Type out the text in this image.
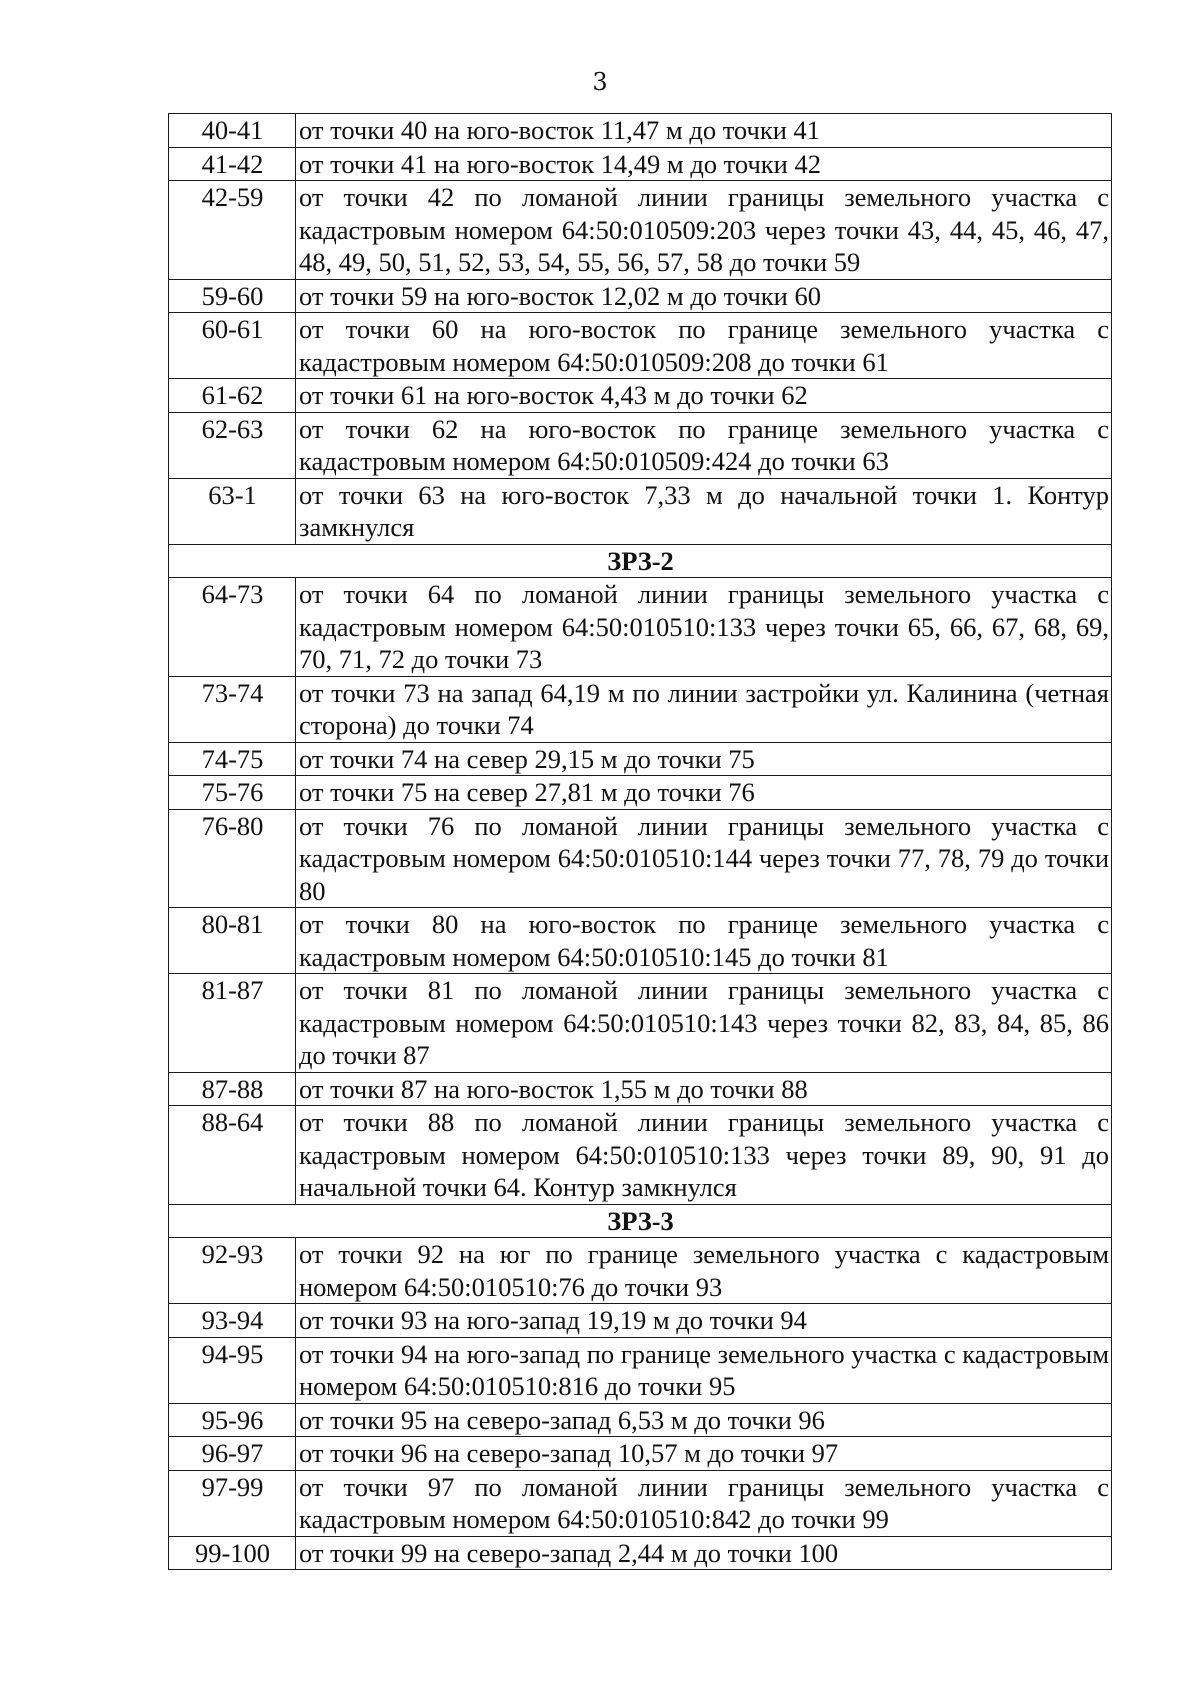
3
40-41	от точки 40 на юго-восток 11,47 м до точки 41
41-42	от точки 41 на юго-восток 14,49 м до точки 42
42-59	от точки 42 по ломаной линии границы земельного участка с кадастровым номером 64:50:010509:203 через точки 43, 44, 45, 46, 47, 48, 49, 50, 51, 52, 53, 54, 55, 56, 57, 58 до точки 59
59-60	от точки 59 на юго-восток 12,02 м до точки 60
60-61	от точки 60 на юго-восток по границе земельного участка с кадастровым номером 64:50:010509:208 до точки 61
61-62	от точки 61 на юго-восток 4,43 м до точки 62
62-63	от точки 62 на юго-восток по границе земельного участка с кадастровым номером 64:50:010509:424 до точки 63
63-1	от точки 63 на юго-восток 7,33 м до начальной точки 1. Контур замкнулся
ЗРЗ-2	
64-73	от точки 64 по ломаной линии границы земельного участка с кадастровым номером 64:50:010510:133 через точки 65, 66, 67, 68, 69, 70, 71, 72 до точки 73
73-74	от точки 73 на запад 64,19 м по линии застройки ул. Калинина (четная сторона) до точки 74
74-75	от точки 74 на север 29,15 м до точки 75
75-76	от точки 75 на север 27,81 м до точки 76
76-80	от точки 76 по ломаной линии границы земельного участка с кадастровым номером 64:50:010510:144 через точки 77, 78, 79 до точки 80
80-81	от точки 80 на юго-восток по границе земельного участка с кадастровым номером 64:50:010510:145 до точки 81
81-87	от точки 81 по ломаной линии границы земельного участка с кадастровым номером 64:50:010510:143 через точки 82, 83, 84, 85, 86 до точки 87
87-88	от точки 87 на юго-восток 1,55 м до точки 88
88-64	от точки 88 по ломаной линии границы земельного участка с кадастровым номером 64:50:010510:133 через точки 89, 90, 91 до начальной точки 64. Контур замкнулся
ЗРЗ-3	
92-93	от точки 92 на юг по границе земельного участка с кадастровым номером 64:50:010510:76 до точки 93
93-94	от точки 93 на юго-запад 19,19 м до точки 94
94-95	от точки 94 на юго-запад по границе земельного участка с кадастровым номером 64:50:010510:816 до точки 95
95-96	от точки 95 на северо-запад 6,53 м до точки 96
96-97	от точки 96 на северо-запад 10,57 м до точки 97
97-99	от точки 97 по ломаной линии границы земельного участка с кадастровым номером 64:50:010510:842 до точки 99
99-100	от точки 99 на северо-запад 2,44 м до точки 100
